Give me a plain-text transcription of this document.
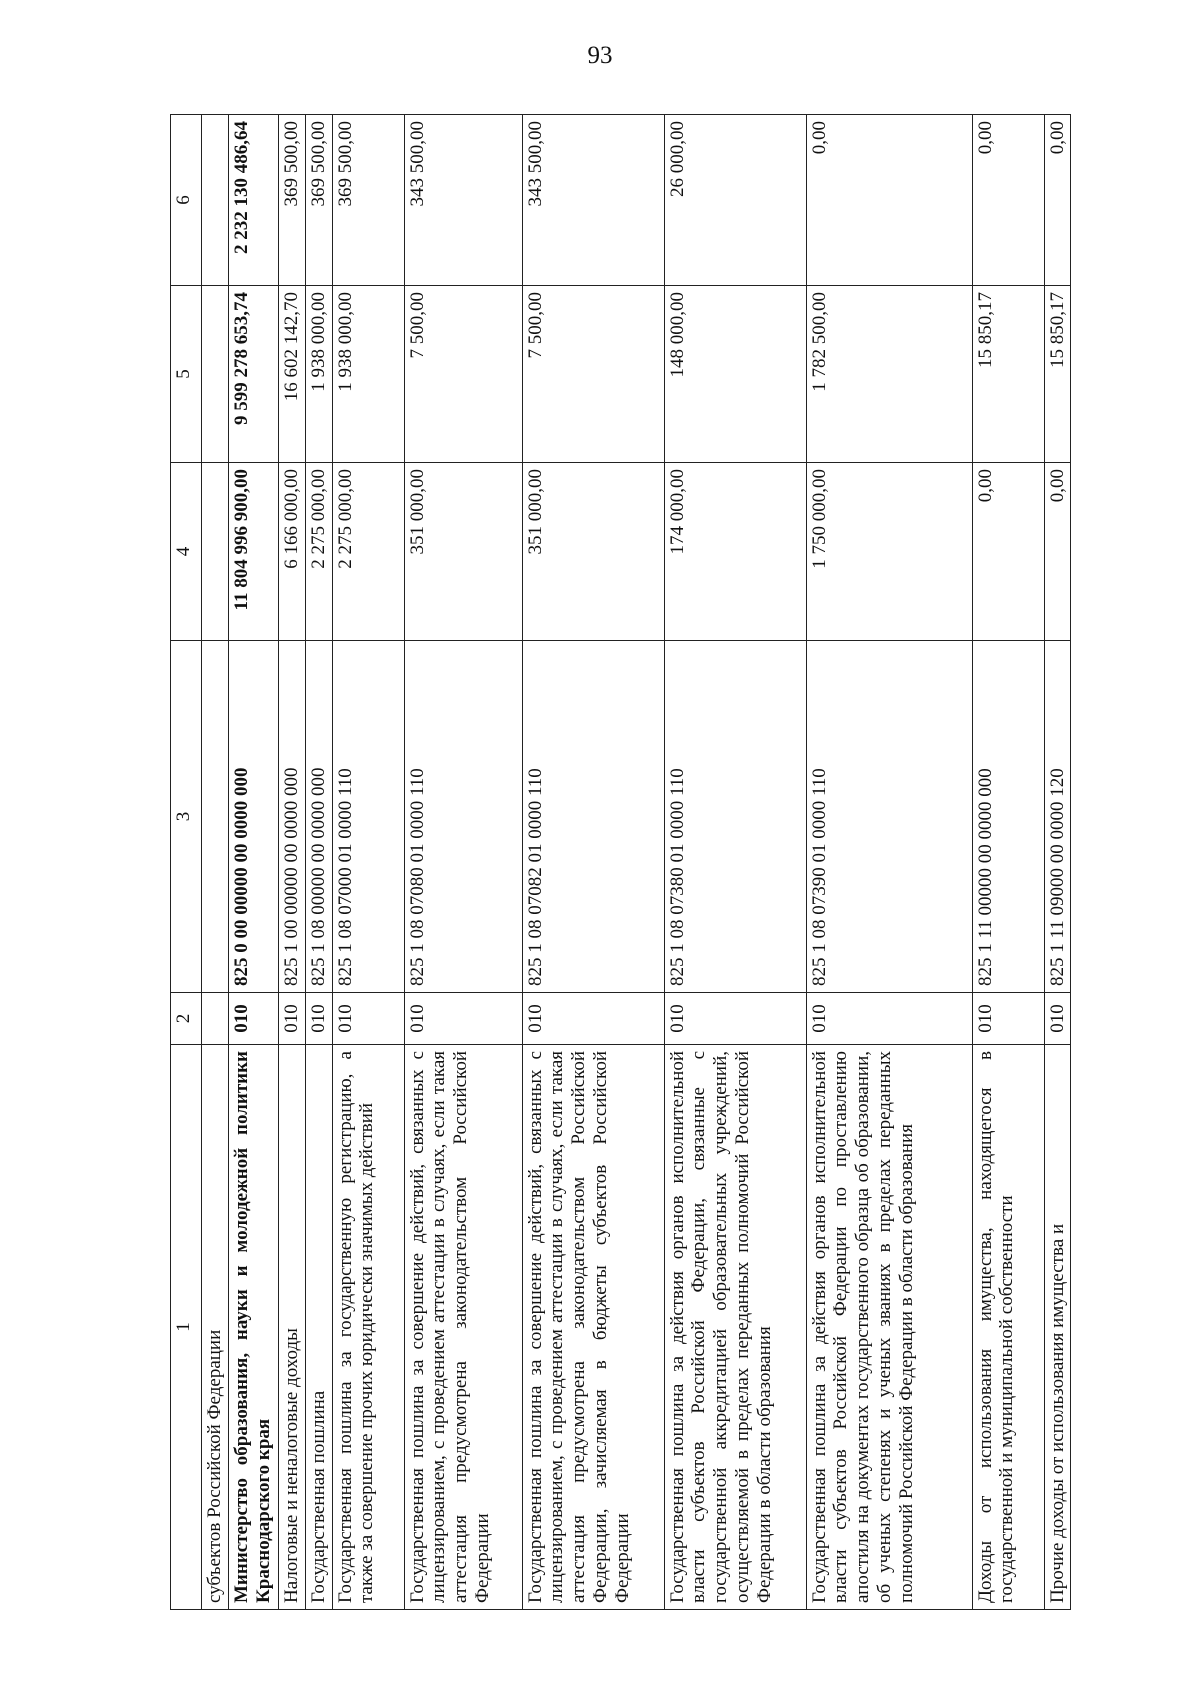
93
1	2	3	4	5	6
субъектов Российской Федерации					
Министерство образования, науки и молодежной политики Краснодарского края	010	825 0 00 00000 00 0000 000	11 804 996 900,00	9 599 278 653,74	2 232 130 486,64
Налоговые и неналоговые доходы	010	825 1 00 00000 00 0000 000	6 166 000,00	16 602 142,70	369 500,00
Государственная пошлина	010	825 1 08 00000 00 0000 000	2 275 000,00	1 938 000,00	369 500,00
Государственная пошлина за государственную регистрацию, а также за совершение прочих юридически значимых действий	010	825 1 08 07000 01 0000 110	2 275 000,00	1 938 000,00	369 500,00
Государственная пошлина за совершение действий, связанных с лицензированием, с проведением аттестации в случаях, если такая аттестация предусмотрена законодательством Российской Федерации	010	825 1 08 07080 01 0000 110	351 000,00	7 500,00	343 500,00
Государственная пошлина за совершение действий, связанных с лицензированием, с проведением аттестации в случаях, если такая аттестация предусмотрена законодательством Российской Федерации, зачисляемая в бюджеты субъектов Российской Федерации	010	825 1 08 07082 01 0000 110	351 000,00	7 500,00	343 500,00
Государственная пошлина за действия органов исполнительной власти субъектов Российской Федерации, связанные с государственной аккредитацией образовательных учреждений, осуществляемой в пределах переданных полномочий Российской Федерации в области образования	010	825 1 08 07380 01 0000 110	174 000,00	148 000,00	26 000,00
Государственная пошлина за действия органов исполнительной власти субъектов Российской Федерации по проставлению апостиля на документах государственного образца об образовании, об ученых степенях и ученых званиях в пределах переданных полномочий Российской Федерации в области образования	010	825 1 08 07390 01 0000 110	1 750 000,00	1 782 500,00	0,00
Доходы от использования имущества, находящегося в государственной и муниципальной собственности	010	825 1 11 00000 00 0000 000	0,00	15 850,17	0,00
Прочие доходы от использования имущества и	010	825 1 11 09000 00 0000 120	0,00	15 850,17	0,00
